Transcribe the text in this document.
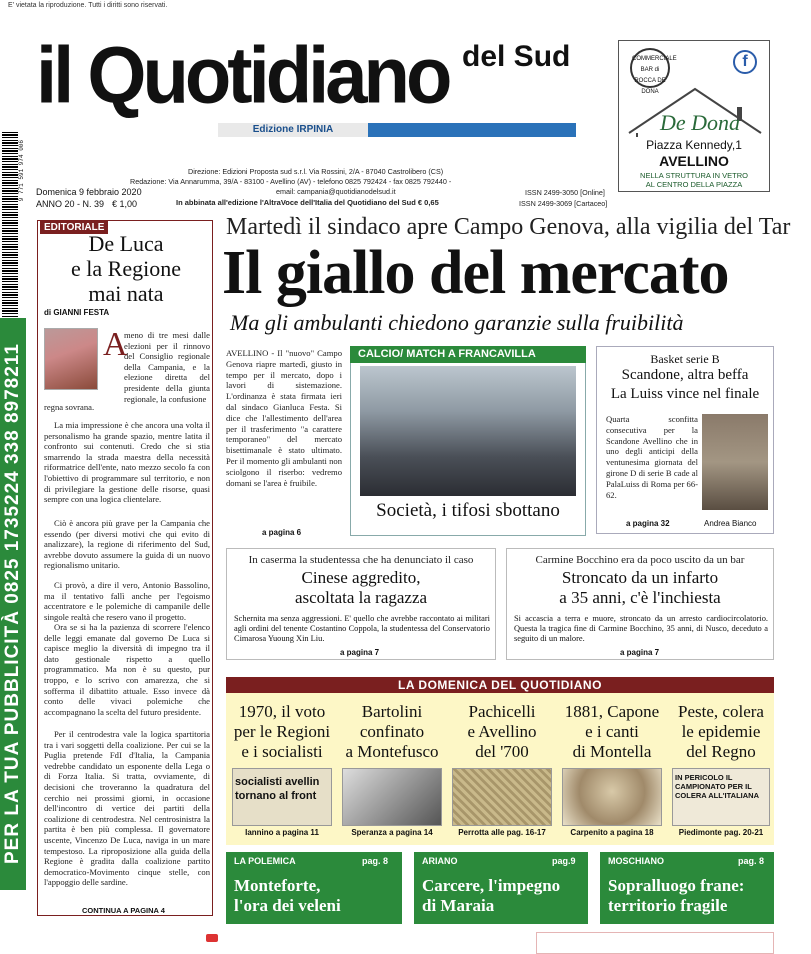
E' vietata la riproduzione. Tutti i diritti sono riservati.
il Quotidiano del Sud
Edizione IRPINIA
9 771 591 974 006	Direzione: Edizioni Proposta sud s.r.l. Via Rossini, 2/A - 87040 Castrolibero (CS)
Redazione: Via Annarumma, 39/A - 83100 - Avellino (AV) - telefono 0825 792424 - fax 0825 792440 -
email: campania@quotidianodelsud.it
In abbinata all'edizione l'AltraVoce dell'Italia del Quotidiano del Sud € 0,65
ISSN 2499-3050 [Online]
ISSN 2499-3069 [Cartaceo]
Domenica 9 febbraio 2020
ANNO 20 - N. 39 € 1,00
COMMERCIALE BAR di ROCCA DE DONA
f
De Dona
Piazza Kennedy,1
AVELLINO
NELLA STRUTTURA IN VETRO
AL CENTRO DELLA PIAZZA
PER LA TUA PUBBLICITÀ 0825 1735224 338 8978211
EDITORIALE
De Luca
e la Regione
mai nata
di GIANNI FESTA
A
meno di tre mesi dalle elezioni per il rinnovo del Consiglio regionale della Campania, e la elezione diretta del presidente della giunta regionale, la confusione
regna sovrana.
La mia impressione è che ancora una volta il personalismo ha grande spazio, mentre latita il confronto sui contenuti. Credo che si stia smarrendo la strada maestra della necessità riformatrice dell'ente, nato mezzo secolo fa con l'obiettivo di programmare sul territorio, e non di privilegiare la gestione delle risorse, quasi sempre con una logica clientelare.
Ciò è ancora più grave per la Campania che essendo (per diversi motivi che qui evito di analizzare), la regione di riferimento del Sud, avrebbe dovuto assumere la guida di un nuovo regionalismo unitario.
Ci provò, a dire il vero, Antonio Bassolino, ma il tentativo fallì anche per l'egoismo accentratore e le polemiche di campanile delle singole realtà che resero vano il progetto.
Ora se si ha la pazienza di scorrere l'elenco delle leggi emanate dal governo De Luca si capisce meglio la diversità di impegno tra il dato gestionale rispetto a quello programmatico. Ma non è su questo, pur troppo, e lo scrivo con amarezza, che si sofferma il dibattito attuale. Esso invece dà conto delle vivaci polemiche che accompagnano la scelta del futuro presidente.
Per il centrodestra vale la logica spartitoria tra i vari soggetti della coalizione. Per cui se la Puglia pretende FdI d'Italia, la Campania vedrebbe candidato un esponente della Lega o di Forza Italia. Si tratta, ovviamente, di decisioni che troveranno la quadratura del cerchio nei prossimi giorni, in occasione dell'incontro di vertice dei partiti della coalizione di centrodestra. Nel centrosinistra la partita è ben più complessa. Il governatore uscente, Vincenzo De Luca, naviga in un mare tempestoso. La riproposizione alla guida della Regione è gradita dalla coalizione partito democratico-Movimento cinque stelle, con l'appoggio delle sardine.
CONTINUA A PAGINA 4
Martedì il sindaco apre Campo Genova, alla vigilia del Tar
Il giallo del mercato
Ma gli ambulanti chiedono garanzie sulla fruibilità
AVELLINO - Il "nuovo" Campo Genova riapre martedì, giusto in tempo per il mercato, dopo i lavori di sistemazione. L'ordinanza è stata firmata ieri dal sindaco Gianluca Festa. Si dice che l'allestimento dell'area per il trasferimento "a carattere temporaneo" del mercato bisettimanale è stato ultimato. Per il momento gli ambulanti non sciolgono il riserbo: vedremo domani se l'area è fruibile.
a pagina 6
CALCIO/ MATCH A FRANCAVILLA
Società, i tifosi sbottano
Basket serie B
Scandone, altra beffa
La Luiss vince nel finale
Quarta sconfitta consecutiva per la Scandone Avellino che in uno degli anticipi della ventunesima giornata del girone D di serie B cade al PalaLuiss di Roma per 66-62.
a pagina 32	Andrea Bianco
In caserma la studentessa che ha denunciato il caso
Cinese aggredito,
ascoltata la ragazza
Schernita ma senza aggressioni. E' quello che avrebbe raccontato ai militari agli ordini del tenente Costantino Coppola, la studentessa del Conservatorio Cimarosa Yuoung Xin Liu.
a pagina 7
Carmine Bocchino era da poco uscito da un bar
Stroncato da un infarto
a 35 anni, c'è l'inchiesta
Si accascia a terra e muore, stroncato da un arresto cardiocircolatorio. Questa la tragica fine di Carmine Bocchino, 35 anni, di Nusco, deceduto a seguito di un malore.
a pagina 7
LA DOMENICA DEL QUOTIDIANO
1970, il voto
per le Regioni
e i socialisti
socialisti avellin tornano al front
Iannino a pagina 11
Bartolini
confinato
a Montefusco
Speranza a pagina 14
Pachicelli
e Avellino
del '700
Perrotta alle pag. 16-17
1881, Capone
e i canti
di Montella
Carpenito a pagina 18
Peste, colera
le epidemie
del Regno
IN PERICOLO IL CAMPIONATO PER IL COLERA ALL'ITALIANA
Piedimonte pag. 20-21
LA POLEMICA	pag. 8
Monteforte,
l'ora dei veleni
ARIANO	pag.9
Carcere, l'impegno
di Maraia
MOSCHIANO	pag. 8
Sopralluogo frane:
territorio fragile
